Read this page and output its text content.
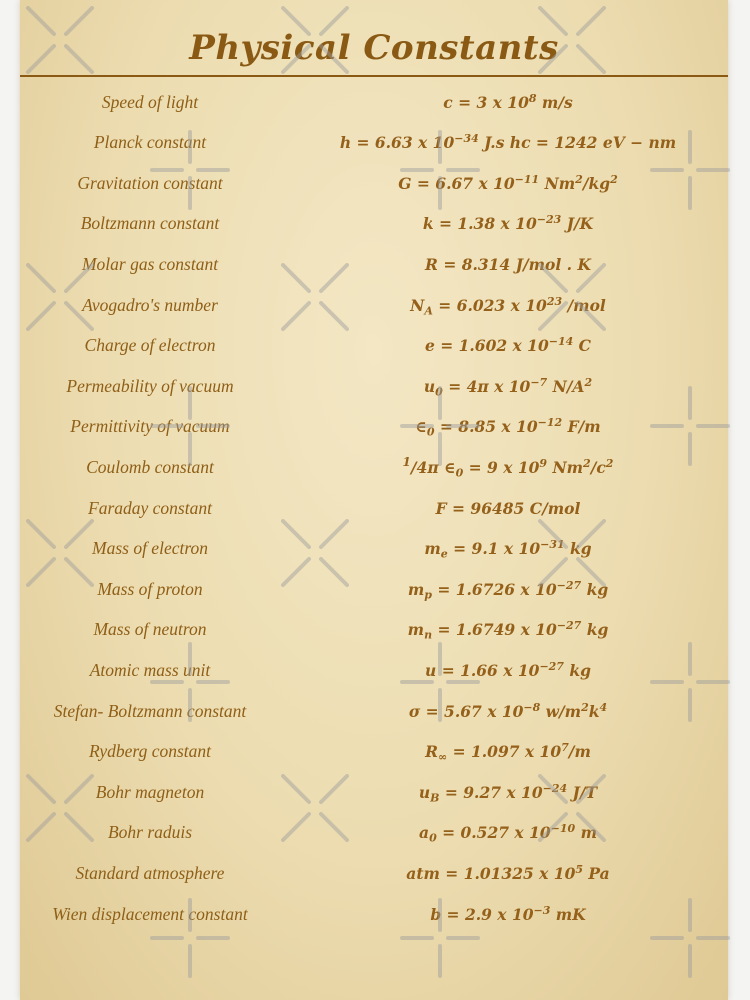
Physical Constants
Speed of light	c = 3 x $10^8$ m/s
Planck constant	h = 6.63 x $10^{-34}$ J.s hc = 1242 eV − nm
Gravitation constant	G = 6.67 x $10^{-11}$ $Nm^2/kg^2$
Boltzmann constant	k = 1.38 x $10^{-23}$ J/K
Molar gas constant	R = 8.314 J/mol . K
Avogadro's number	$N_A = 6.023$ x $10^{23}$ /mol
Charge of electron	e = 1.602 x $10^{-14}$ C
Permeability of vacuum	$u_0 = 4\pi$ x $10^{-7}$ $N/A^2$
Permittivity of vacuum	$\in_0 = 8.85$ x $10^{-12}$ F/m
Coulomb constant	$^1$/4π $\in_0 = 9$ x $10^9$ $Nm^2/c^2$
Faraday constant	F = 96485 C/mol
Mass of electron	$m_e = 9.1$ x $10^{-31}$ kg
Mass of proton	$m_p = 1.6726$ x $10^{-27}$ kg
Mass of neutron	$m_n = 1.6749$ x $10^{-27}$ kg
Atomic mass unit	u = 1.66 x $10^{-27}$ kg
Stefan- Boltzmann constant	σ = 5.67 x $10^{-8}$ $w/m^2k^4$
Rydberg constant	$R_\infty = 1.097$ x $10^7/m$
Bohr magneton	$u_B = 9.27$ x $10^{-24}$ J/T
Bohr raduis	$a_0 = 0.527$ x $10^{-10}$ m
Standard atmosphere	atm = 1.01325 x $10^5$ Pa
Wien displacement constant	b = 2.9 x $10^{-3}$ mK
